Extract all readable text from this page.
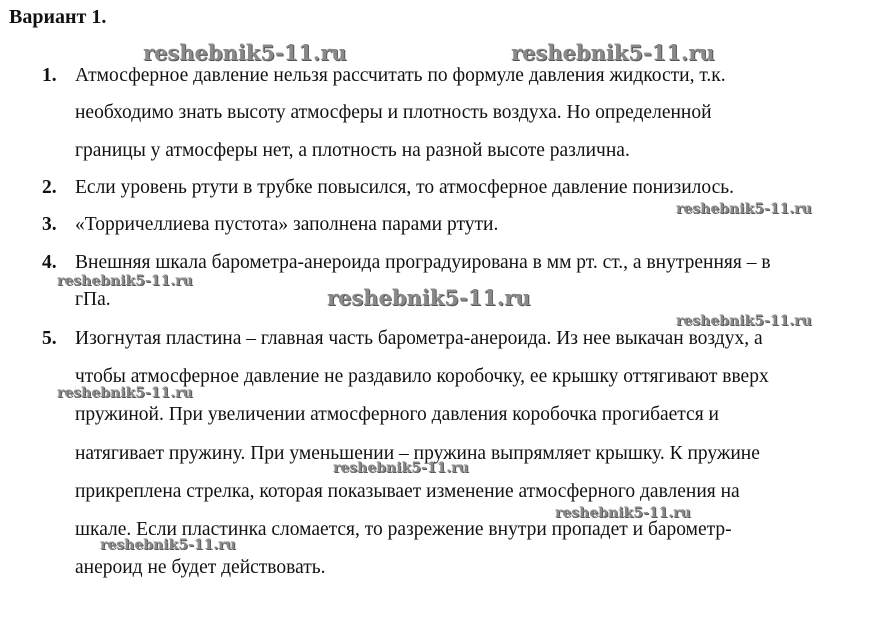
Вариант 1.
1. Атмосферное давление нельзя рассчитать по формуле давления жидкости, т.к.
необходимо знать высоту атмосферы и плотность воздуха. Но определенной
границы у атмосферы нет, а плотность на разной высоте различна.
2. Если уровень ртути в трубке повысился, то атмосферное давление понизилось.
3. «Торричеллиева пустота» заполнена парами ртути.
4. Внешняя шкала барометра-анероида проградуирована в мм рт. ст., а внутренняя – в
гПа.
5. Изогнутая пластина – главная часть барометра-анероида. Из нее выкачан воздух, а
чтобы атмосферное давление не раздавило коробочку, ее крышку оттягивают вверх
пружиной. При увеличении атмосферного давления коробочка прогибается и
натягивает пружину. При уменьшении – пружина выпрямляет крышку. К пружине
прикреплена стрелка, которая показывает изменение атмосферного давления на
шкале. Если пластинка сломается, то разрежение внутри пропадет и барометр-
анероид не будет действовать.
reshebnik5-11.ru	reshebnik5-11.ru
reshebnik5-11.ru
reshebnik5-11.ru
reshebnik5-11.ru
reshebnik5-11.ru
reshebnik5-11.ru
reshebnik5-11.ru
reshebnik5-11.ru
reshebnik5-11.ru
